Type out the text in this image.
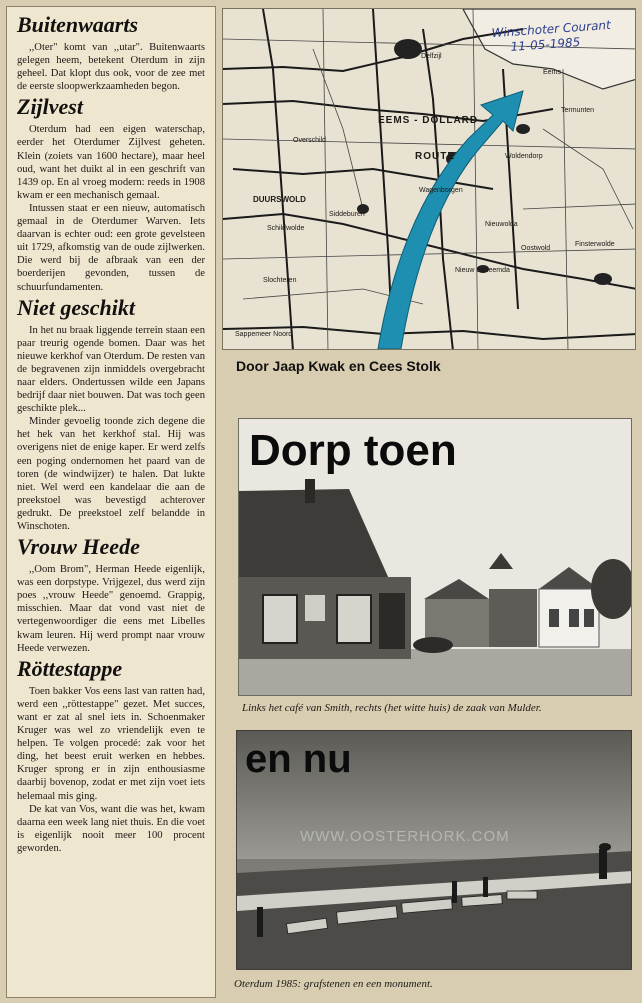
Buitenwaarts

,,Oter" komt van ,,utar". Buitenwaarts gelegen heem, betekent Oterdum in zijn geheel. Dat klopt dus ook, voor de zee met de eerste sloopwerkzaamheden begon.

Zijlvest

Oterdum had een eigen waterschap, eerder het Oterdumer Zijlvest geheten. Klein (zoiets van 1600 hectare), maar heel oud, want het duikt al in een geschrift van 1439 op. En al vroeg modern: reeds in 1908 kwam er een mechanisch gemaal.

Intussen staat er een nieuw, automatisch gemaal in de Oterdumer Warven. Iets daarvan is echter oud: een grote gevelsteen uit 1729, afkomstig van de oude zijlwerken. Die werd bij de afbraak van een der boerderijen gevonden, tussen de schuurfundamenten.

Niet geschikt

In het nu braak liggende terrein staan een paar treurig ogende bomen. Daar was het nieuwe kerkhof van Oterdum. De resten van de begravenen zijn inmiddels overgebracht naar elders. Ondertussen wilde een Japans bedrijf daar niet bouwen. Dat was toch geen geschikte plek...

Minder gevoelig toonde zich degene die het hek van het kerkhof stal. Hij was overigens niet de enige kaper. Er werd zelfs een poging ondernomen het paard van de toren (de windwijzer) te halen. Dat lukte niet. Wel werd een kandelaar die aan de preekstoel was bevestigd achterover gedrukt. De preekstoel zelf belandde in Winschoten.

Vrouw Heede

,,Oom Brom", Herman Heede eigenlijk, was een dorpstype. Vrijgezel, dus werd zijn poes ,,vrouw Heede" genoemd. Grappig, misschien. Maar dat vond vast niet de vertegenwoordiger die eens met Libelles kwam leuren. Hij werd prompt naar vrouw Heede verwezen.

Röttestappe

Toen bakker Vos eens last van ratten had, werd een ,,röttestappe" gezet. Met succes, want er zat al snel iets in. Schoenmaker Kruger was wel zo vriendelijk even te helpen. Te volgen procedé: zak voor het ding, het beest eruit werken en hebbes. Kruger sprong er in zijn enthousiasme daarbij bovenop, zodat er met zijn voet iets helemaal mis ging.

De kat van Vos, want die was het, kwam daarna een week lang niet thuis. En die voet is eigenlijk nooit meer 100 procent geworden.

EEMS - DOLLARD
ROUTE
Delfzijl
Wagenborgen
Woldendorp
Nieuw Scheemda
Schildwolde
Siddeburen
Slochteren
Sappemeer Noord
Overschild
DUURSWOLD
Termunten
Eems
Nieuwolda
Oostwold
Finsterwolde
Winschoter Courant
11-05-1985
Door Jaap Kwak en Cees Stolk
Dorp toen
Links het café van Smith, rechts (het witte huis) de zaak van Mulder.
en nu
WWW.OOSTERHORK.COM
Oterdum 1985: grafstenen en een monument.
